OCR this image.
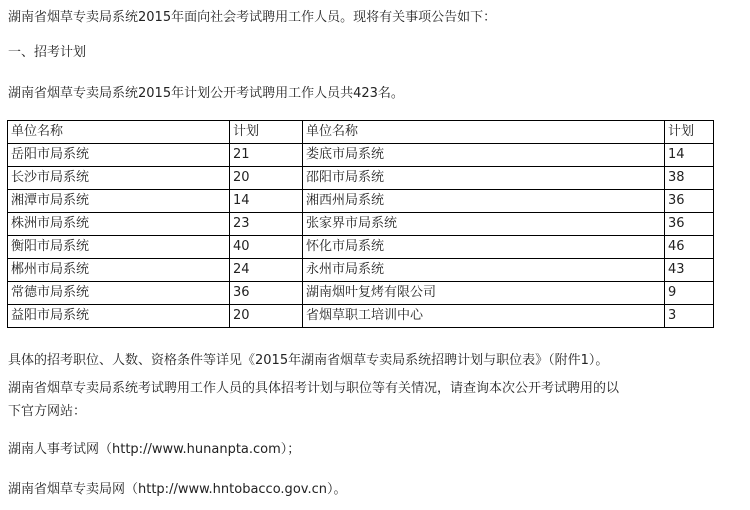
湖南省烟草专卖局系统2015年面向社会考试聘用工作人员。现将有关事项公告如下：

一、招考计划

湖南省烟草专卖局系统2015年计划公开考试聘用工作人员共423名。

单位名称	计划	单位名称	计划
岳阳市局系统	21	娄底市局系统	14
长沙市局系统	20	邵阳市局系统	38
湘潭市局系统	14	湘西州局系统	36
株洲市局系统	23	张家界市局系统	36
衡阳市局系统	40	怀化市局系统	46
郴州市局系统	24	永州市局系统	43
常德市局系统	36	湖南烟叶复烤有限公司	9
益阳市局系统	20	省烟草职工培训中心	3

具体的招考职位、人数、资格条件等详见《2015年湖南省烟草专卖局系统招聘计划与职位表》（附件1）。

湖南省烟草专卖局系统考试聘用工作人员的具体招考计划与职位等有关情况，请查询本次公开考试聘用的以

下官方网站：

湖南人事考试网（http://www.hunanpta.com）；

湖南省烟草专卖局网（http://www.hntobacco.gov.cn）。
